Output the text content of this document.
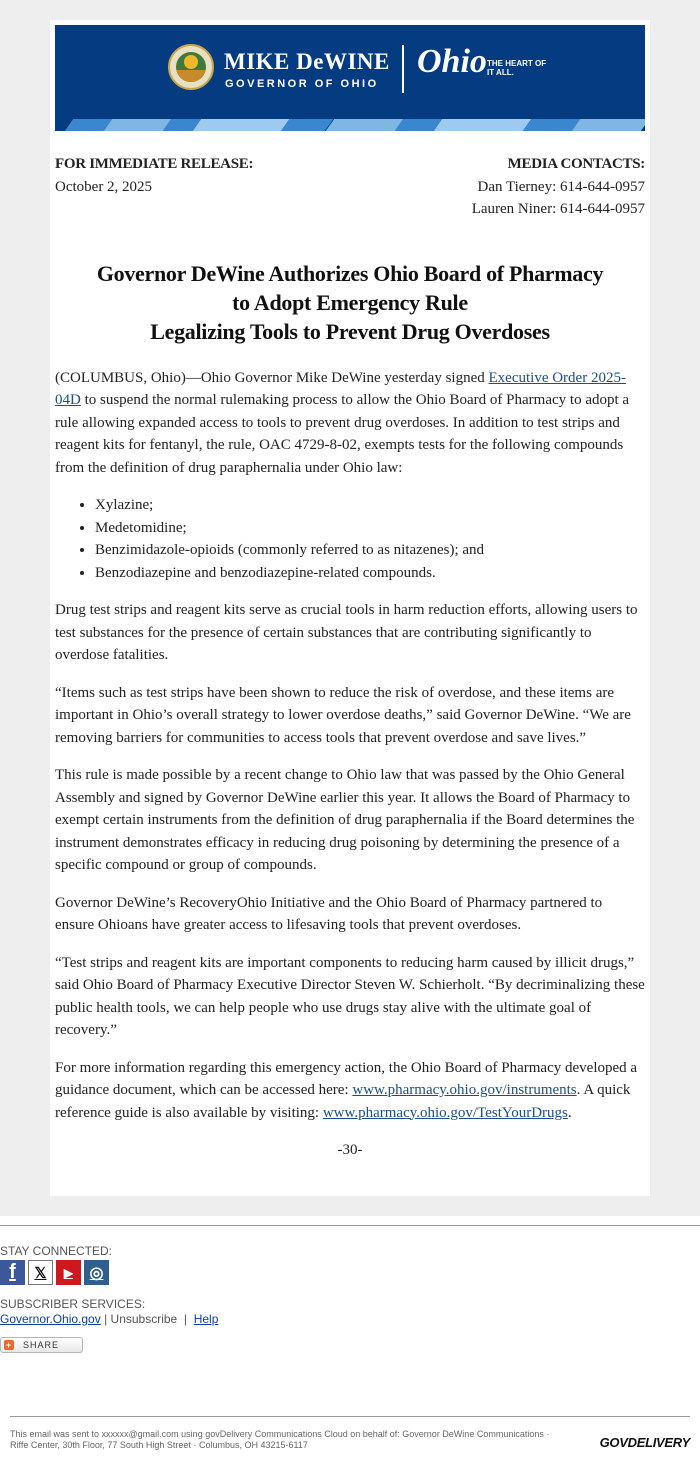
MIKE DeWINE
GOVERNOR OF OHIO
Ohio THE HEART OF IT ALL.
FOR IMMEDIATE RELEASE:
October 2, 2025
MEDIA CONTACTS:
Dan Tierney: 614-644-0957
Lauren Niner: 614-644-0957
Governor DeWine Authorizes Ohio Board of Pharmacy
to Adopt Emergency Rule
Legalizing Tools to Prevent Drug Overdoses

(COLUMBUS, Ohio)—Ohio Governor Mike DeWine yesterday signed Executive Order 2025-04D to suspend the normal rulemaking process to allow the Ohio Board of Pharmacy to adopt a rule allowing expanded access to tools to prevent drug overdoses. In addition to test strips and reagent kits for fentanyl, the rule, OAC 4729-8-02, exempts tests for the following compounds from the definition of drug paraphernalia under Ohio law:

• Xylazine;
• Medetomidine;
• Benzimidazole-opioids (commonly referred to as nitazenes); and
• Benzodiazepine and benzodiazepine-related compounds.

Drug test strips and reagent kits serve as crucial tools in harm reduction efforts, allowing users to test substances for the presence of certain substances that are contributing significantly to overdose fatalities.

“Items such as test strips have been shown to reduce the risk of overdose, and these items are important in Ohio’s overall strategy to lower overdose deaths,” said Governor DeWine. “We are removing barriers for communities to access tools that prevent overdose and save lives.”

This rule is made possible by a recent change to Ohio law that was passed by the Ohio General Assembly and signed by Governor DeWine earlier this year. It allows the Board of Pharmacy to exempt certain instruments from the definition of drug paraphernalia if the Board determines the instrument demonstrates efficacy in reducing drug poisoning by determining the presence of a specific compound or group of compounds.

Governor DeWine’s RecoveryOhio Initiative and the Ohio Board of Pharmacy partnered to ensure Ohioans have greater access to lifesaving tools that prevent overdoses.

“Test strips and reagent kits are important components to reducing harm caused by illicit drugs,” said Ohio Board of Pharmacy Executive Director Steven W. Schierholt. “By decriminalizing these public health tools, we can help people who use drugs stay alive with the ultimate goal of recovery.”

For more information regarding this emergency action, the Ohio Board of Pharmacy developed a guidance document, which can be accessed here: www.pharmacy.ohio.gov/instruments. A quick reference guide is also available by visiting: www.pharmacy.ohio.gov/TestYourDrugs.

-30-
STAY CONNECTED:
f	𝕏	▶	◎
SUBSCRIBER SERVICES:
Governor.Ohio.gov | Unsubscribe  |  Help
+ SHARE
This email was sent to xxxxxx@gmail.com using govDelivery Communications Cloud on behalf of: Governor DeWine Communications · Riffe Center, 30th Floor, 77 South High Street · Columbus, OH 43215-6117	GOVDELIVERY
